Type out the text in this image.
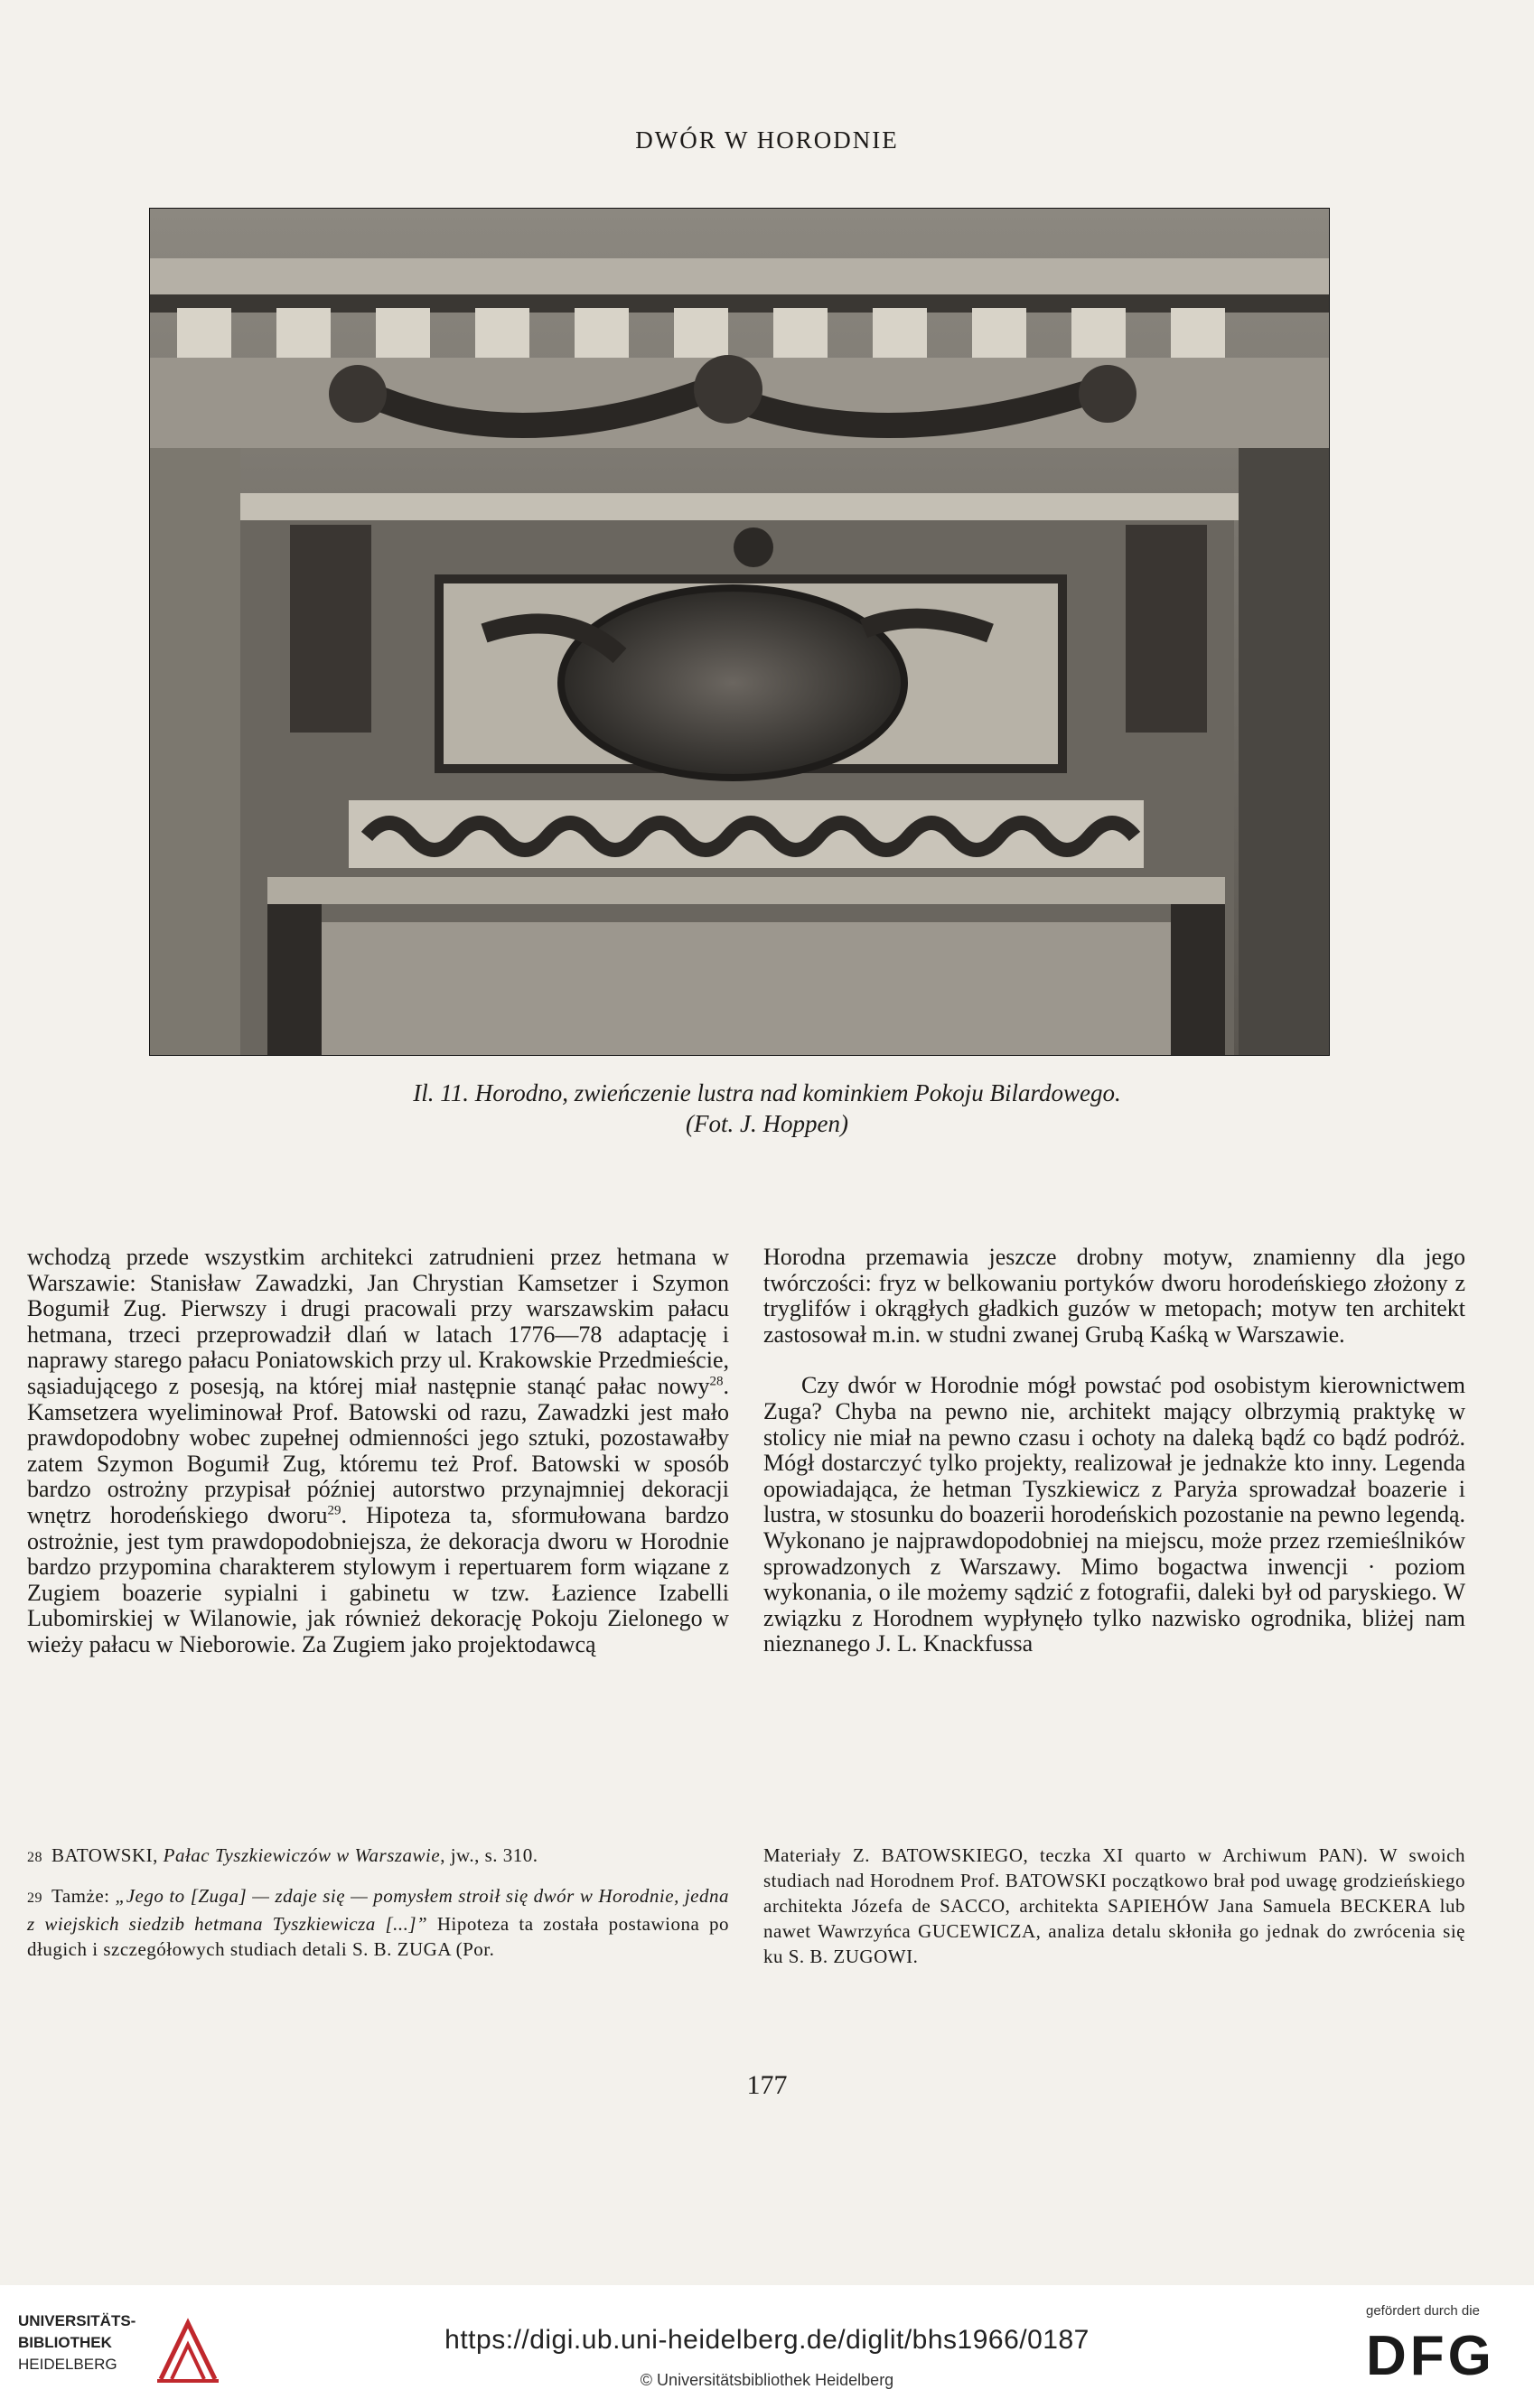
DWÓR W HORODNIE
Il. 11. Horodno, zwieńczenie lustra nad kominkiem Pokoju Bilardowego.
(Fot. J. Hoppen)

wchodzą przede wszystkim architekci zatrudnieni przez hetmana w Warszawie: Stanisław Zawadzki, Jan Chrystian Kamsetzer i Szymon Bogumił Zug. Pierwszy i drugi pracowali przy warszawskim pałacu hetmana, trzeci przeprowadził dlań w latach 1776—78 adaptację i naprawy starego pałacu Poniatowskich przy ul. Krakowskie Przedmieście, sąsiadującego z posesją, na której miał następnie stanąć pałac nowy$^{28}$. Kamsetzera wyeliminował Prof. Batowski od razu, Zawadzki jest mało prawdopodobny wobec zupełnej odmienności jego sztuki, pozostawałby zatem Szymon Bogumił Zug, któremu też Prof. Batowski w sposób bardzo ostrożny przypisał później autorstwo przynajmniej dekoracji wnętrz horodeńskiego dworu$^{29}$. Hipoteza ta, sformułowana bardzo ostrożnie, jest tym prawdopodobniejsza, że dekoracja dworu w Horodnie bardzo przypomina charakterem stylowym i repertuarem form wiązane z Zugiem boazerie sypialni i gabinetu w tzw. Łazience Izabelli Lubomirskiej w Wilanowie, jak również dekorację Pokoju Zielonego w wieży pałacu w Nieborowie. Za Zugiem jako projektodawcą

Horodna przemawia jeszcze drobny motyw, znamienny dla jego twórczości: fryz w belkowaniu portyków dworu horodeńskiego złożony z tryglifów i okrągłych gładkich guzów w metopach; motyw ten architekt zastosował m.in. w studni zwanej Grubą Kaśką w Warszawie.

Czy dwór w Horodnie mógł powstać pod osobistym kierownictwem Zuga? Chyba na pewno nie, architekt mający olbrzymią praktykę w stolicy nie miał na pewno czasu i ochoty na daleką bądź co bądź podróż. Mógł dostarczyć tylko projekty, realizował je jednakże kto inny. Legenda opowiadająca, że hetman Tyszkiewicz z Paryża sprowadzał boazerie i lustra, w stosunku do boazerii horodeńskich pozostanie na pewno legendą. Wykonano je najprawdopodobniej na miejscu, może przez rzemieślników sprowadzonych z Warszawy. Mimo bogactwa inwencji · poziom wykonania, o ile możemy sądzić z fotografii, daleki był od paryskiego. W związku z Horodnem wypłynęło tylko nazwisko ogrodnika, bliżej nam nieznanego J. L. Knackfussa

28 BATOWSKI, Pałac Tyszkiewiczów w Warszawie, jw., s. 310.

29 Tamże: „Jego to [Zuga] — zdaje się — pomysłem stroił się dwór w Horodnie, jedna z wiejskich siedzib hetmana Tyszkiewicza [...]” Hipoteza ta została postawiona po długich i szczegółowych studiach detali S. B. ZUGA (Por.

Materiały Z. BATOWSKIEGO, teczka XI quarto w Archiwum PAN). W swoich studiach nad Horodnem Prof. BATOWSKI początkowo brał pod uwagę grodzieńskiego architekta Józefa de SACCO, architekta SAPIEHÓW Jana Samuela BECKERA lub nawet Wawrzyńca GUCEWICZA, analiza detalu skłoniła go jednak do zwrócenia się ku S. B. ZUGOWI.

177
UNIVERSITÄTS-
BIBLIOTHEK
HEIDELBERG
https://digi.ub.uni-heidelberg.de/diglit/bhs1966/0187
© Universitätsbibliothek Heidelberg
gefördert durch die
DFG
